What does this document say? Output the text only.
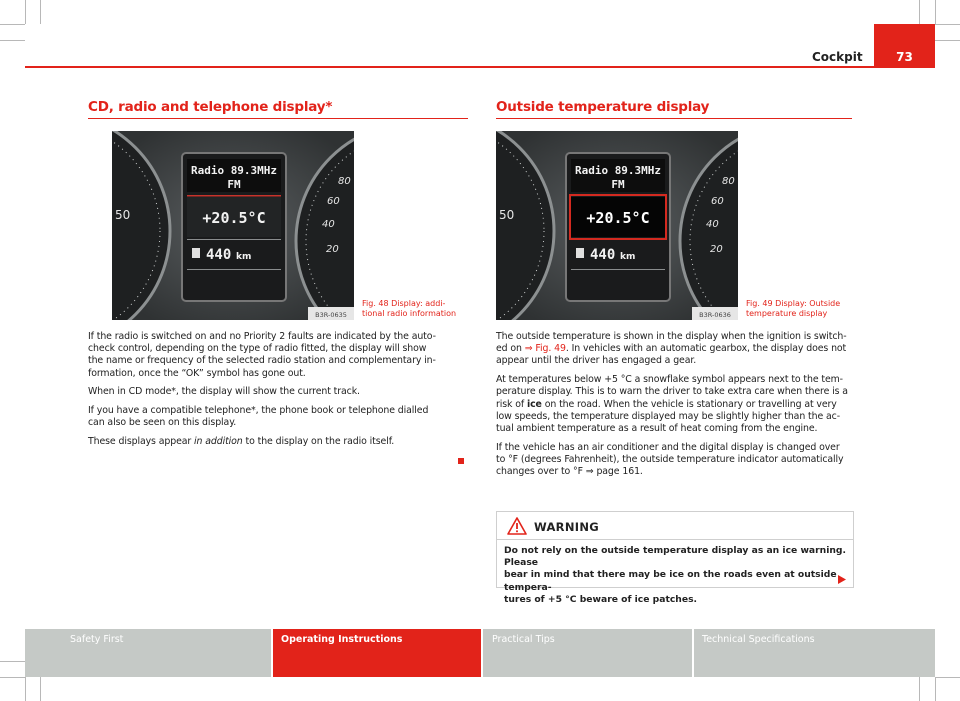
Cockpit	73
CD, radio and telephone display*
50
80
60
40
20
Radio 89.3MHz
FM
+20.5°C
440 km
B3R-0635
Fig. 48 Display: addi-
tional radio information

If the radio is switched on and no Priority 2 faults are indicated by the auto-
check control, depending on the type of radio fitted, the display will show
the name or frequency of the selected radio station and complementary in-
formation, once the “OK” symbol has gone out.

When in CD mode*, the display will show the current track.

If you have a compatible telephone*, the phone book or telephone dialled
can also be seen on this display.

These displays appear in addition to the display on the radio itself.

Outside temperature display
50
80
60
40
20
Radio 89.3MHz
FM
+20.5°C
440 km
B3R-0636
Fig. 49 Display: Outside
temperature display

The outside temperature is shown in the display when the ignition is switch-
ed on ⇒ Fig. 49. In vehicles with an automatic gearbox, the display does not
appear until the driver has engaged a gear.

At temperatures below +5 °C a snowflake symbol appears next to the tem-
perature display. This is to warn the driver to take extra care when there is a
risk of ice on the road. When the vehicle is stationary or travelling at very
low speeds, the temperature displayed may be slightly higher than the ac-
tual ambient temperature as a result of heat coming from the engine.

If the vehicle has an air conditioner and the digital display is changed over
to °F (degrees Fahrenheit), the outside temperature indicator automatically
changes over to °F ⇒ page 161.

WARNING
Do not rely on the outside temperature display as an ice warning. Please
bear in mind that there may be ice on the roads even at outside tempera-
tures of +5 °C beware of ice patches.
Safety First	Operating Instructions	Practical Tips	Technical Specifications
